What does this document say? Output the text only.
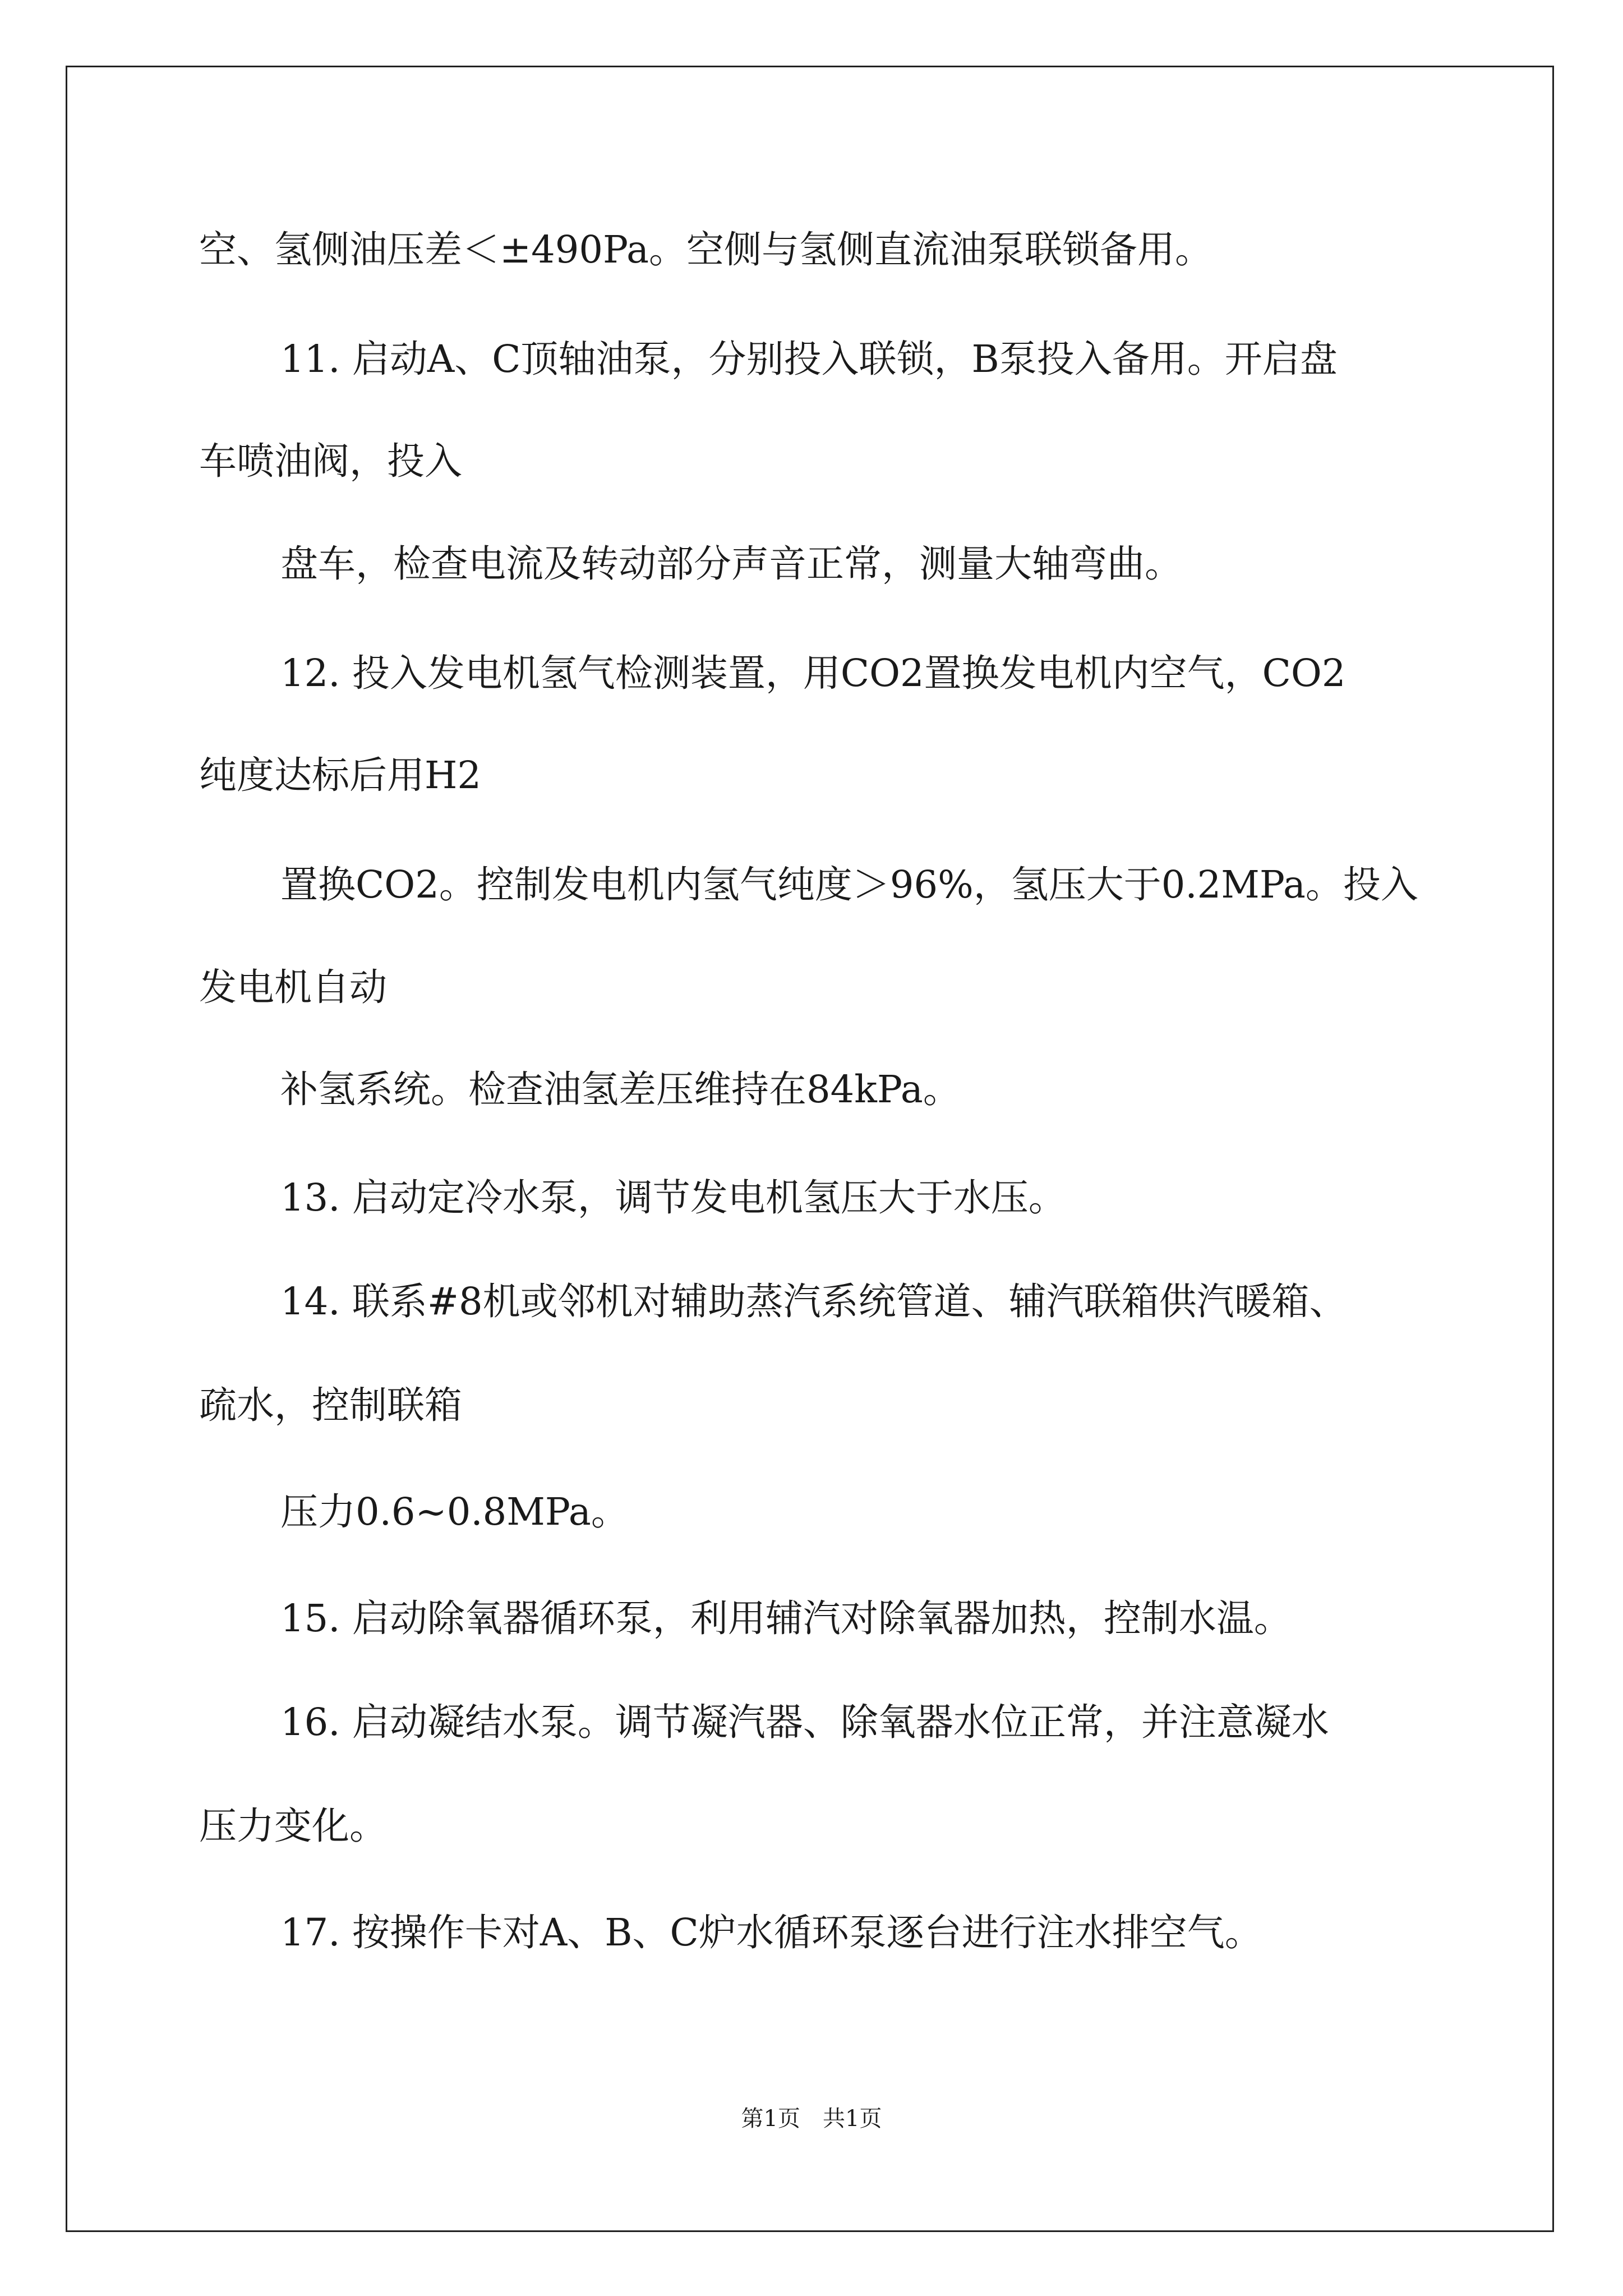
空、氢侧油压差＜±490Pa。空侧与氢侧直流油泵联锁备用。

11. 启动A、C顶轴油泵，分别投入联锁，B泵投入备用。开启盘

车喷油阀，投入

盘车，检查电流及转动部分声音正常，测量大轴弯曲。

12. 投入发电机氢气检测装置，用CO2置换发电机内空气，CO2

纯度达标后用H2

置换CO2。控制发电机内氢气纯度＞96%，氢压大于0.2MPa。投入

发电机自动

补氢系统。检查油氢差压维持在84kPa。

13. 启动定冷水泵，调节发电机氢压大于水压。

14. 联系#8机或邻机对辅助蒸汽系统管道、辅汽联箱供汽暖箱、

疏水，控制联箱

压力0.6~0.8MPa。

15. 启动除氧器循环泵，利用辅汽对除氧器加热，控制水温。

16. 启动凝结水泵。调节凝汽器、除氧器水位正常，并注意凝水

压力变化。

17. 按操作卡对A、B、C炉水循环泵逐台进行注水排空气。

第1页 共1页
